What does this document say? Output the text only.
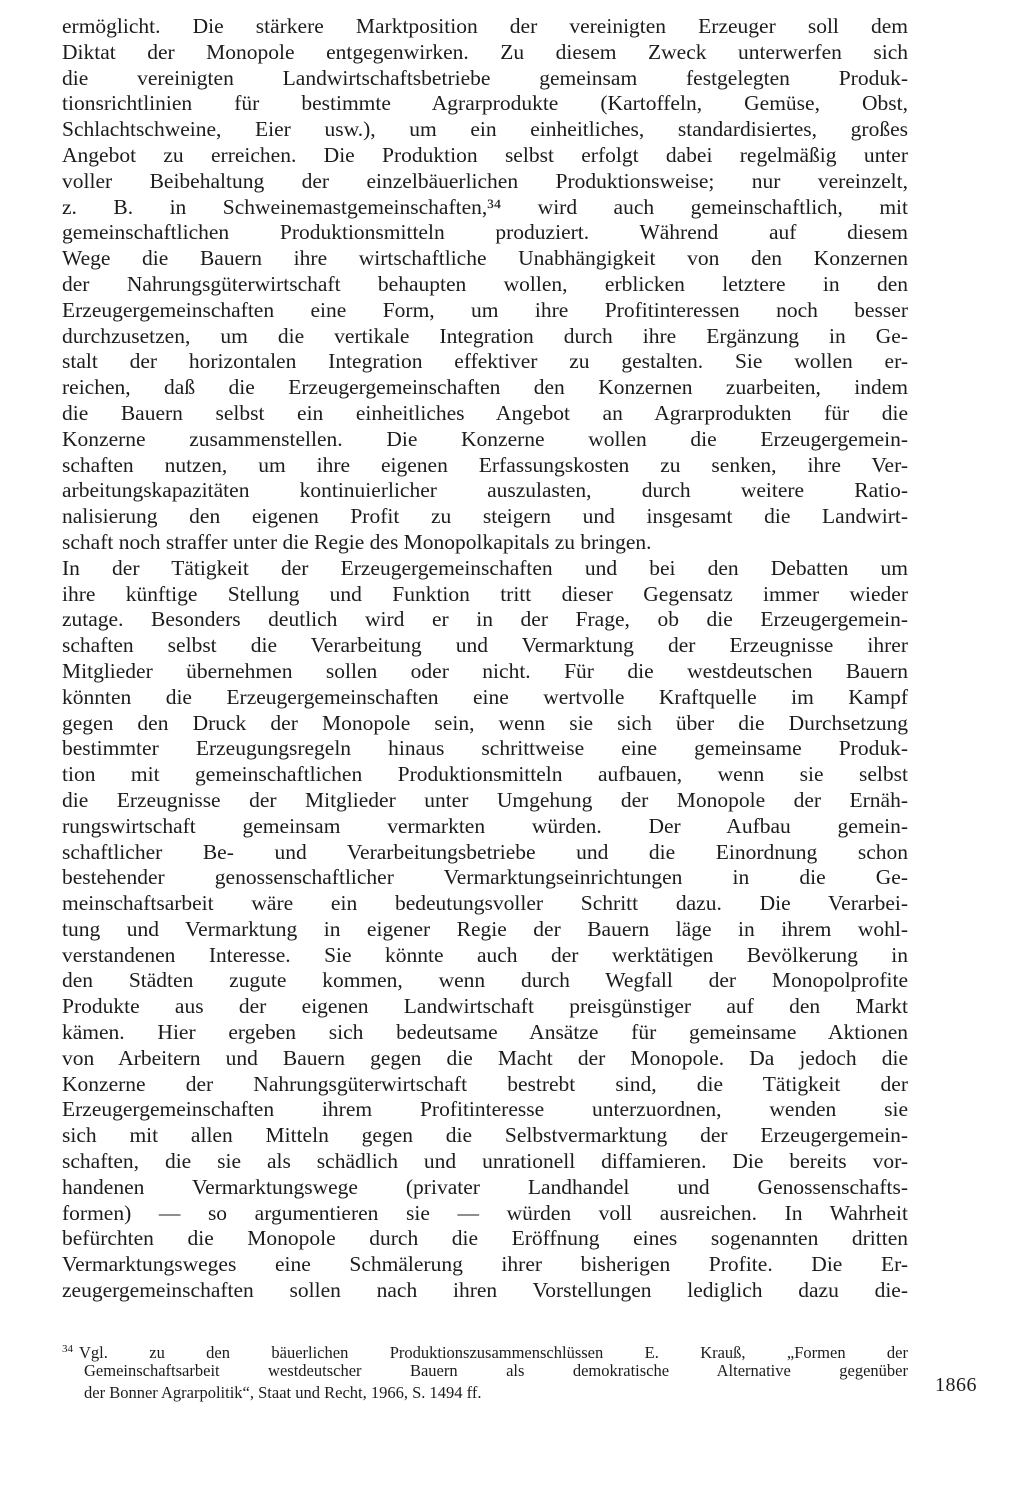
ermöglicht. Die stärkere Marktposition der vereinigten Erzeuger soll dem
Diktat der Monopole entgegenwirken. Zu diesem Zweck unterwerfen sich
die vereinigten Landwirtschaftsbetriebe gemeinsam festgelegten Produk-
tionsrichtlinien für bestimmte Agrarprodukte (Kartoffeln, Gemüse, Obst,
Schlachtschweine, Eier usw.), um ein einheitliches, standardisiertes, großes
Angebot zu erreichen. Die Produktion selbst erfolgt dabei regelmäßig unter
voller Beibehaltung der einzelbäuerlichen Produktionsweise; nur vereinzelt,
z. B. in Schweinemastgemeinschaften,³⁴ wird auch gemeinschaftlich, mit
gemeinschaftlichen Produktionsmitteln produziert. Während auf diesem
Wege die Bauern ihre wirtschaftliche Unabhängigkeit von den Konzernen
der Nahrungsgüterwirtschaft behaupten wollen, erblicken letztere in den
Erzeugergemeinschaften eine Form, um ihre Profitinteressen noch besser
durchzusetzen, um die vertikale Integration durch ihre Ergänzung in Ge-
stalt der horizontalen Integration effektiver zu gestalten. Sie wollen er-
reichen, daß die Erzeugergemeinschaften den Konzernen zuarbeiten, indem
die Bauern selbst ein einheitliches Angebot an Agrarprodukten für die
Konzerne zusammenstellen. Die Konzerne wollen die Erzeugergemein-
schaften nutzen, um ihre eigenen Erfassungskosten zu senken, ihre Ver-
arbeitungskapazitäten kontinuierlicher auszulasten, durch weitere Ratio-
nalisierung den eigenen Profit zu steigern und insgesamt die Landwirt-
schaft noch straffer unter die Regie des Monopolkapitals zu bringen.
In der Tätigkeit der Erzeugergemeinschaften und bei den Debatten um
ihre künftige Stellung und Funktion tritt dieser Gegensatz immer wieder
zutage. Besonders deutlich wird er in der Frage, ob die Erzeugergemein-
schaften selbst die Verarbeitung und Vermarktung der Erzeugnisse ihrer
Mitglieder übernehmen sollen oder nicht. Für die westdeutschen Bauern
könnten die Erzeugergemeinschaften eine wertvolle Kraftquelle im Kampf
gegen den Druck der Monopole sein, wenn sie sich über die Durchsetzung
bestimmter Erzeugungsregeln hinaus schrittweise eine gemeinsame Produk-
tion mit gemeinschaftlichen Produktionsmitteln aufbauen, wenn sie selbst
die Erzeugnisse der Mitglieder unter Umgehung der Monopole der Ernäh-
rungswirtschaft gemeinsam vermarkten würden. Der Aufbau gemein-
schaftlicher Be- und Verarbeitungsbetriebe und die Einordnung schon
bestehender genossenschaftlicher Vermarktungseinrichtungen in die Ge-
meinschaftsarbeit wäre ein bedeutungsvoller Schritt dazu. Die Verarbei-
tung und Vermarktung in eigener Regie der Bauern läge in ihrem wohl-
verstandenen Interesse. Sie könnte auch der werktätigen Bevölkerung in
den Städten zugute kommen, wenn durch Wegfall der Monopolprofite
Produkte aus der eigenen Landwirtschaft preisgünstiger auf den Markt
kämen. Hier ergeben sich bedeutsame Ansätze für gemeinsame Aktionen
von Arbeitern und Bauern gegen die Macht der Monopole. Da jedoch die
Konzerne der Nahrungsgüterwirtschaft bestrebt sind, die Tätigkeit der
Erzeugergemeinschaften ihrem Profitinteresse unterzuordnen, wenden sie
sich mit allen Mitteln gegen die Selbstvermarktung der Erzeugergemein-
schaften, die sie als schädlich und unrationell diffamieren. Die bereits vor-
handenen Vermarktungswege (privater Landhandel und Genossenschafts-
formen) — so argumentieren sie — würden voll ausreichen. In Wahrheit
befürchten die Monopole durch die Eröffnung eines sogenannten dritten
Vermarktungsweges eine Schmälerung ihrer bisherigen Profite. Die Er-
zeugergemeinschaften sollen nach ihren Vorstellungen lediglich dazu die-
$^{34}$ Vgl. zu den bäuerlichen Produktionszusammenschlüssen E. Krauß, „Formen der
Gemeinschaftsarbeit westdeutscher Bauern als demokratische Alternative gegenüber
der Bonner Agrarpolitik“, Staat und Recht, 1966, S. 1494 ff.	1866
